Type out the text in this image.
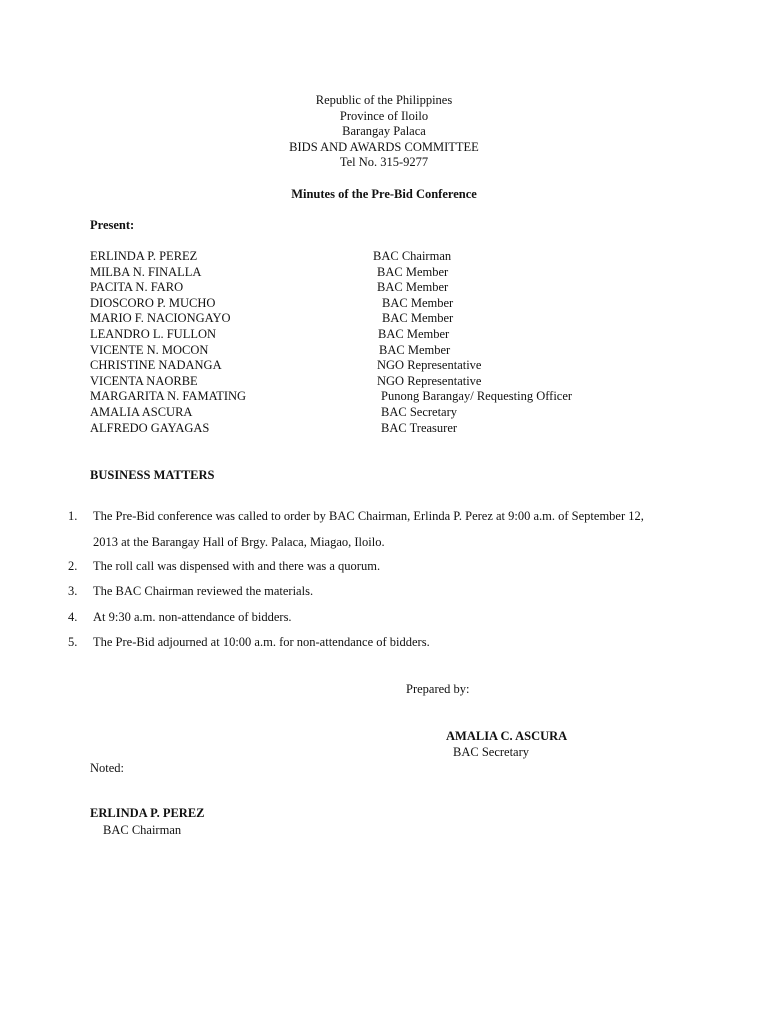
Republic of the Philippines
Province of Iloilo
Barangay Palaca
BIDS AND AWARDS COMMITTEE
Tel No. 315-9277
Minutes of the Pre-Bid Conference
Present:
ERLINDA P. PEREZ	BAC Chairman
MILBA N. FINALLA	BAC Member
PACITA N. FARO	BAC Member
DIOSCORO P. MUCHO	BAC Member
MARIO F. NACIONGAYO	BAC Member
LEANDRO L. FULLON	BAC Member
VICENTE N. MOCON	BAC Member
CHRISTINE NADANGA	NGO Representative
VICENTA NAORBE	NGO Representative
MARGARITA N. FAMATING	Punong Barangay/ Requesting Officer
AMALIA ASCURA	BAC Secretary
ALFREDO GAYAGAS	BAC Treasurer
BUSINESS MATTERS
1. The Pre-Bid conference was called to order by BAC Chairman, Erlinda P. Perez at 9:00 a.m. of September 12,
2013 at the Barangay Hall of Brgy. Palaca, Miagao, Iloilo.
2. The roll call was dispensed with and there was a quorum.
3. The BAC Chairman reviewed the materials.
4. At 9:30 a.m. non-attendance of bidders.
5. The Pre-Bid adjourned at 10:00 a.m. for non-attendance of bidders.
Prepared by:
AMALIA C. ASCURA
BAC Secretary
Noted:
ERLINDA P. PEREZ
BAC Chairman
